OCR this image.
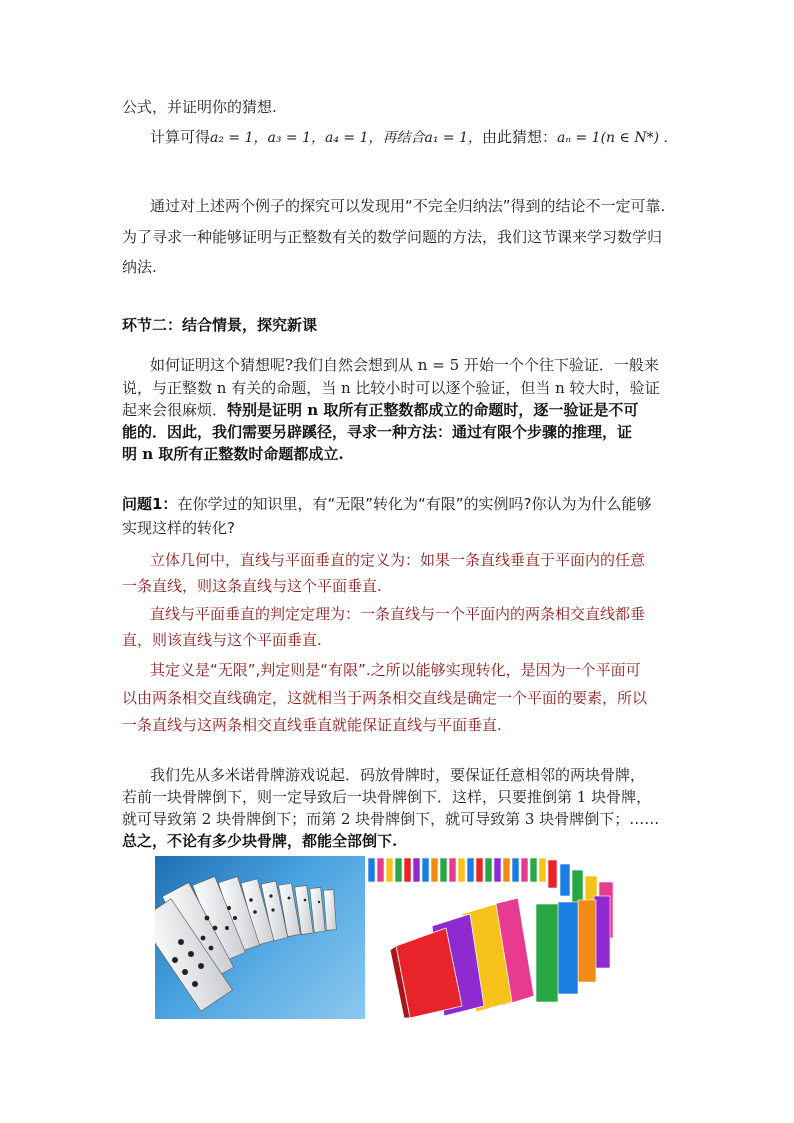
公式，并证明你的猜想.
计算可得a₂ = 1，a₃ = 1，a₄ = 1，再结合a₁ = 1，由此猜想：aₙ = 1(n ∈ N*) .
通过对上述两个例子的探究可以发现用“不完全归纳法”得到的结论不一定可靠.
为了寻求一种能够证明与正整数有关的数学问题的方法，我们这节课来学习数学归
纳法.
环节二：结合情景，探究新课
如何证明这个猜想呢?我们自然会想到从 n = 5 开始一个个往下验证．一般来
说，与正整数 n 有关的命题，当 n 比较小时可以逐个验证，但当 n 较大时，验证
起来会很麻烦．特别是证明 n 取所有正整数都成立的命题时，逐一验证是不可
能的．因此，我们需要另辟蹊径，寻求一种方法：通过有限个步骤的推理，证
明 n 取所有正整数时命题都成立.
问题1：在你学过的知识里，有“无限”转化为“有限”的实例吗?你认为为什么能够
实现这样的转化?
立体几何中，直线与平面垂直的定义为：如果一条直线垂直于平面内的任意
一条直线，则这条直线与这个平面垂直.
直线与平面垂直的判定定理为：一条直线与一个平面内的两条相交直线都垂
直，则该直线与这个平面垂直.
其定义是“无限”,判定则是“有限”.之所以能够实现转化，是因为一个平面可
以由两条相交直线确定，这就相当于两条相交直线是确定一个平面的要素，所以
一条直线与这两条相交直线垂直就能保证直线与平面垂直.
我们先从多米诺骨牌游戏说起．码放骨牌时，要保证任意相邻的两块骨牌，
若前一块骨牌倒下，则一定导致后一块骨牌倒下．这样，只要推倒第 1 块骨牌，
就可导致第 2 块骨牌倒下；而第 2 块骨牌倒下，就可导致第 3 块骨牌倒下；……
总之，不论有多少块骨牌，都能全部倒下.
